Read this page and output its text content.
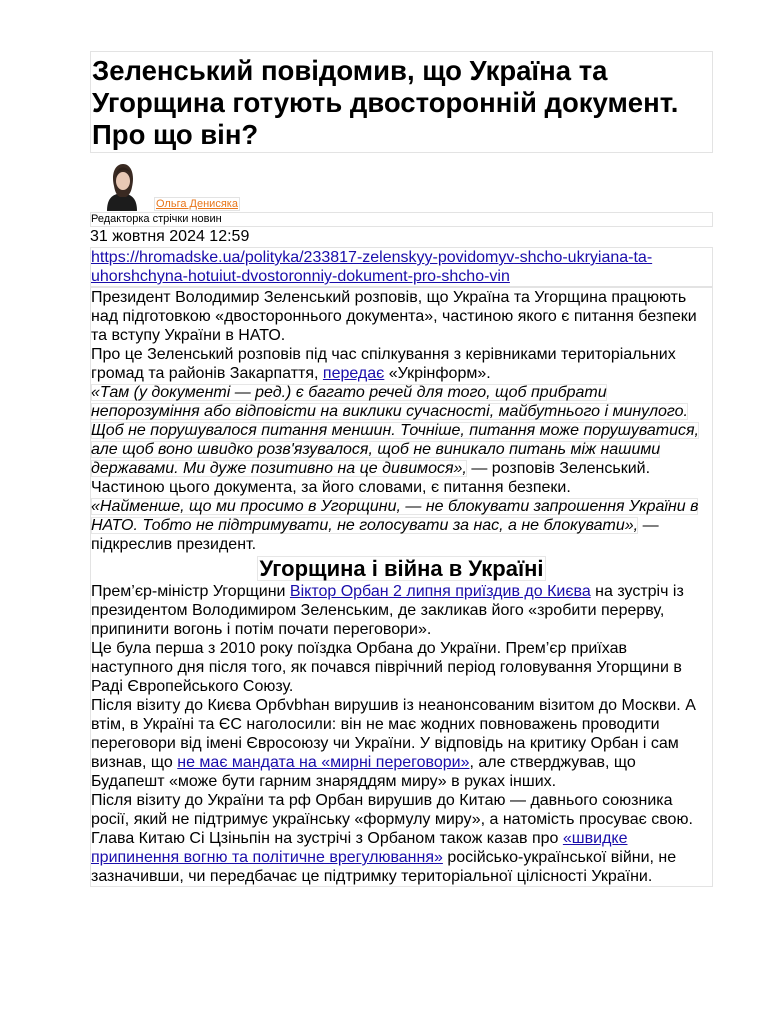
Зеленський повідомив, що Україна та Угорщина готують двосторонній документ. Про що він?
Ольга Денисяка
Редакторка стрічки новин
31 жовтня 2024 12:59
https://hromadske.ua/polityka/233817-zelenskyy-povidomyv-shcho-ukryiana-ta-uhorshchyna-hotuiut-dvostoronniy-dokument-pro-shcho-vin

Президент Володимир Зеленський розповів, що Україна та Угорщина працюють над підготовкою «двостороннього документа», частиною якого є питання безпеки та вступу України в НАТО.

Про це Зеленський розповів під час спілкування з керівниками територіальних громад та районів Закарпаття, передає «Укрінформ».

«Там (у документі — ред.) є багато речей для того, щоб прибрати непорозуміння або відповісти на виклики сучасності, майбутнього і минулого. Щоб не порушувалося питання меншин. Точніше, питання може порушуватися, але щоб воно швидко розв'язувалося, щоб не виникало питань між нашими державами. Ми дуже позитивно на це дивимося», — розповів Зеленський.

Частиною цього документа, за його словами, є питання безпеки.

«Найменше, що ми просимо в Угорщини, — не блокувати запрошення України в НАТО. Тобто не підтримувати, не голосувати за нас, а не блокувати», — підкреслив президент.

Угорщина і війна в Україні

Прем’єр-міністр Угорщини Віктор Орбан 2 липня приїздив до Києва на зустріч із президентом Володимиром Зеленським, де закликав його «зробити перерву, припинити вогонь і потім почати переговори».

Це була перша з 2010 року поїздка Орбана до України. Прем’єр приїхав наступного дня після того, як почався піврічний період головування Угорщини в Раді Європейського Союзу.

Після візиту до Києва Орбvbhан вирушив із неанонсованим візитом до Москви. А втім, в Україні та ЄС наголосили: він не має жодних повноважень проводити переговори від імені Євросоюзу чи України. У відповідь на критику Орбан і сам визнав, що не має мандата на «мирні переговори», але стверджував, що Будапешт «може бути гарним знаряддям миру» в руках інших.

Після візиту до України та рф Орбан вирушив до Китаю — давнього союзника росії, який не підтримує українську «формулу миру», а натомість просуває свою. Глава Китаю Сі Цзіньпін на зустрічі з Орбаном також казав про «швидке припинення вогню та політичне врегулювання» російсько-української війни, не зазначивши, чи передбачає це підтримку територіальної цілісності України.
